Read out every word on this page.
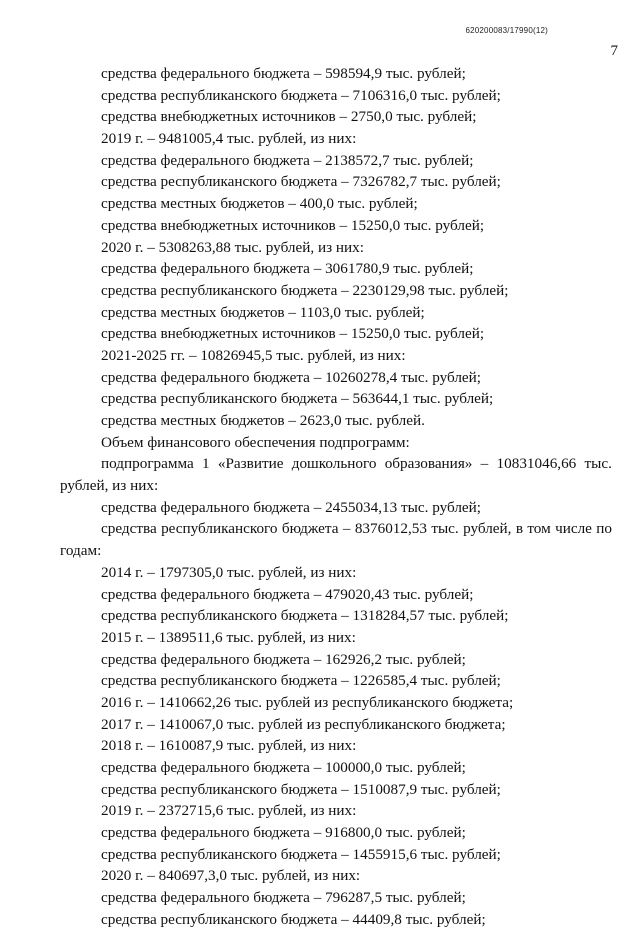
620200083/17990(12)
7
средства федерального бюджета – 598594,9 тыс. рублей;
средства республиканского бюджета – 7106316,0 тыс. рублей;
средства внебюджетных источников – 2750,0 тыс. рублей;
2019 г. – 9481005,4 тыс. рублей, из них:
средства федерального бюджета – 2138572,7 тыс. рублей;
средства республиканского бюджета – 7326782,7 тыс. рублей;
средства местных бюджетов – 400,0 тыс. рублей;
средства внебюджетных источников – 15250,0 тыс. рублей;
2020 г. – 5308263,88 тыс. рублей, из них:
средства федерального бюджета – 3061780,9 тыс. рублей;
средства республиканского бюджета – 2230129,98 тыс. рублей;
средства местных бюджетов – 1103,0 тыс. рублей;
средства внебюджетных источников – 15250,0 тыс. рублей;
2021-2025 гг. – 10826945,5 тыс. рублей, из них:
средства федерального бюджета – 10260278,4 тыс. рублей;
средства республиканского бюджета – 563644,1 тыс. рублей;
средства местных бюджетов – 2623,0 тыс. рублей.
Объем финансового обеспечения подпрограмм:
подпрограмма 1 «Развитие дошкольного образования» – 10831046,66 тыс.
рублей, из них:
средства федерального бюджета – 2455034,13 тыс. рублей;
средства республиканского бюджета – 8376012,53 тыс. рублей, в том числе по
годам:
2014 г. – 1797305,0 тыс. рублей, из них:
средства федерального бюджета – 479020,43 тыс. рублей;
средства республиканского бюджета – 1318284,57 тыс. рублей;
2015 г. – 1389511,6 тыс. рублей, из них:
средства федерального бюджета – 162926,2 тыс. рублей;
средства республиканского бюджета – 1226585,4 тыс. рублей;
2016 г. – 1410662,26 тыс. рублей из республиканского бюджета;
2017 г. – 1410067,0 тыс. рублей из республиканского бюджета;
2018 г. – 1610087,9 тыс. рублей, из них:
средства федерального бюджета – 100000,0 тыс. рублей;
средства республиканского бюджета – 1510087,9 тыс. рублей;
2019 г. – 2372715,6 тыс. рублей, из них:
средства федерального бюджета – 916800,0 тыс. рублей;
средства республиканского бюджета – 1455915,6 тыс. рублей;
2020 г. – 840697,3,0 тыс. рублей, из них:
средства федерального бюджета – 796287,5 тыс. рублей;
средства республиканского бюджета – 44409,8 тыс. рублей;
